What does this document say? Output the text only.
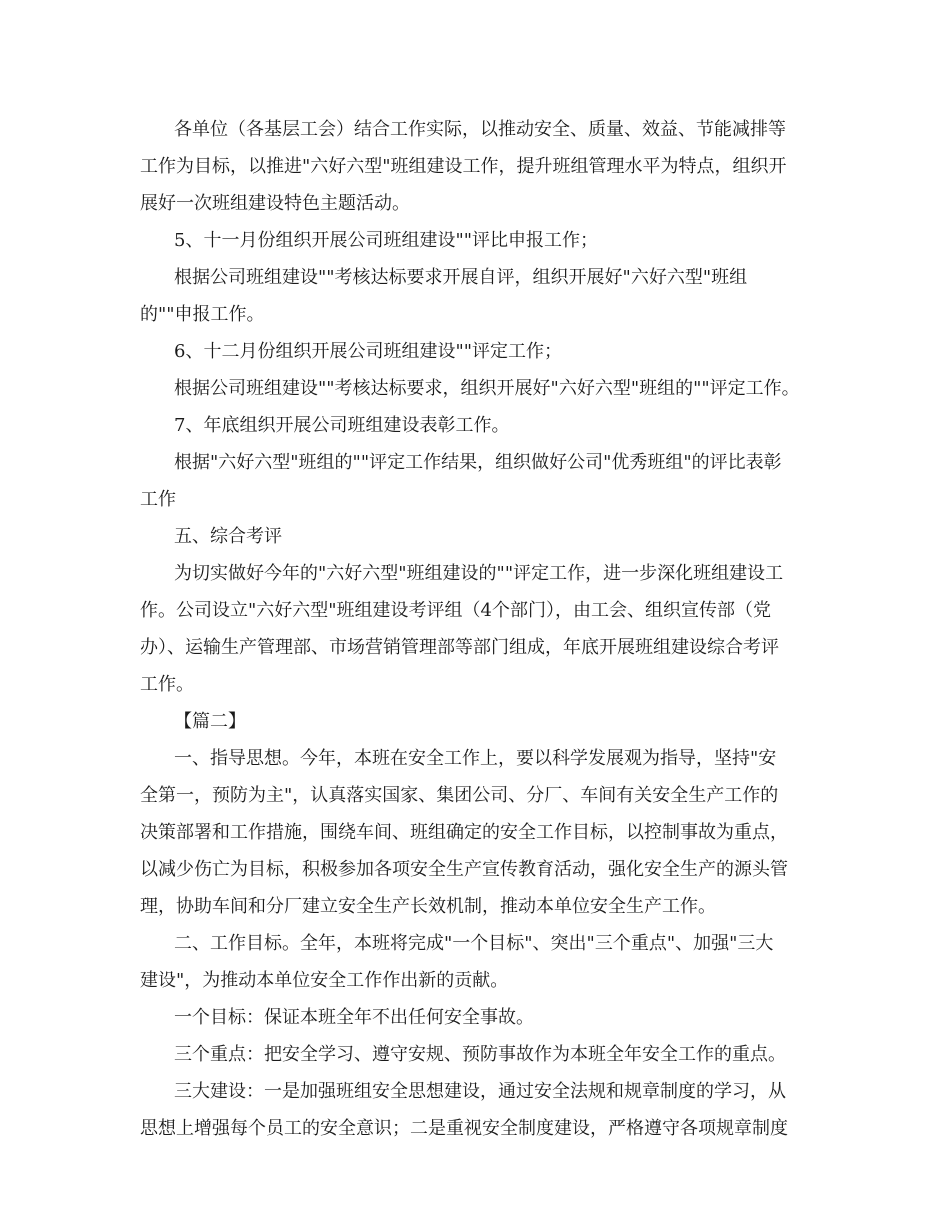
各单位（各基层工会）结合工作实际，以推动安全、质量、效益、节能减排等
工作为目标，以推进"六好六型"班组建设工作，提升班组管理水平为特点，组织开
展好一次班组建设特色主题活动。
5、十一月份组织开展公司班组建设""评比申报工作；
根据公司班组建设""考核达标要求开展自评，组织开展好"六好六型"班组
的""申报工作。
6、十二月份组织开展公司班组建设""评定工作；
根据公司班组建设""考核达标要求，组织开展好"六好六型"班组的""评定工作。
7、年底组织开展公司班组建设表彰工作。
根据"六好六型"班组的""评定工作结果，组织做好公司"优秀班组"的评比表彰
工作
五、综合考评
为切实做好今年的"六好六型"班组建设的""评定工作，进一步深化班组建设工
作。公司设立"六好六型"班组建设考评组（4个部门），由工会、组织宣传部（党
办）、运输生产管理部、市场营销管理部等部门组成，年底开展班组建设综合考评
工作。
【篇二】
一、指导思想。今年，本班在安全工作上，要以科学发展观为指导，坚持"安
全第一，预防为主"，认真落实国家、集团公司、分厂、车间有关安全生产工作的
决策部署和工作措施，围绕车间、班组确定的安全工作目标，以控制事故为重点，
以减少伤亡为目标，积极参加各项安全生产宣传教育活动，强化安全生产的源头管
理，协助车间和分厂建立安全生产长效机制，推动本单位安全生产工作。
二、工作目标。全年，本班将完成"一个目标"、突出"三个重点"、加强"三大
建设"，为推动本单位安全工作作出新的贡献。
一个目标：保证本班全年不出任何安全事故。
三个重点：把安全学习、遵守安规、预防事故作为本班全年安全工作的重点。
三大建设：一是加强班组安全思想建设，通过安全法规和规章制度的学习，从
思想上增强每个员工的安全意识；二是重视安全制度建设，严格遵守各项规章制度
